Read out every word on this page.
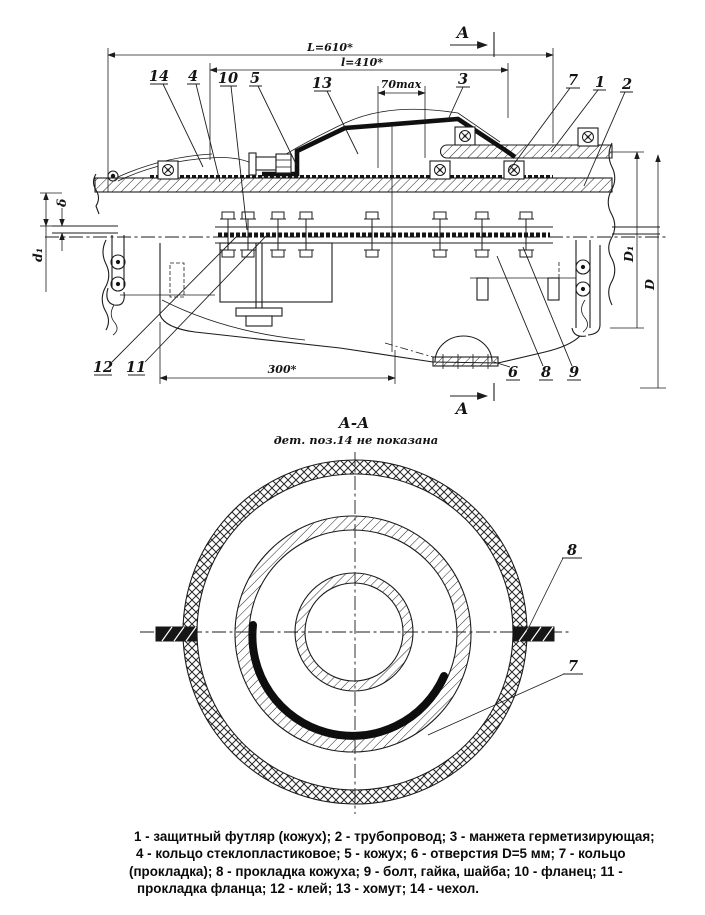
L=610*
l=410*
70max
300*
δ
d₁	D₁
D
А
А
14 4 10 5	13	3	7 1 2
12 11	6 8 9
А-А
дет. поз.14 не показана
8
7
1 - защитный футляр (кожух); 2 - трубопровод; 3 - манжета герметизирующая;
4 - кольцо стеклопластиковое; 5 - кожух; 6 - отверстия D=5 мм; 7 - кольцо
(прокладка); 8 - прокладка кожуха; 9 - болт, гайка, шайба; 10 - фланец; 11 -
прокладка фланца; 12 - клей; 13 - хомут; 14 - чехол.
